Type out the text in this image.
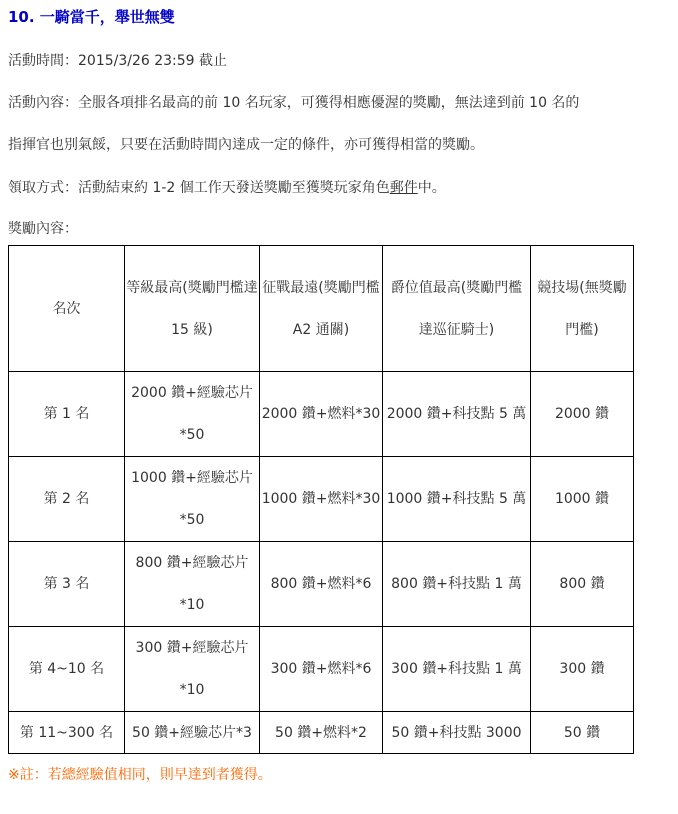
10. 一騎當千，舉世無雙
活動時間：2015/3/26 23:59 截止
活動內容：全服各項排名最高的前 10 名玩家，可獲得相應優渥的獎勵，無法達到前 10 名的
指揮官也別氣餒，只要在活動時間內達成一定的條件，亦可獲得相當的獎勵。
領取方式：活動結束約 1-2 個工作天發送獎勵至獲獎玩家角色郵件中。
獎勵內容：
名次	等級最高(獎勵門檻達 15 級)	征戰最遠(獎勵門檻 A2 通關)	爵位值最高(獎勵門檻達巡征騎士)	競技場(無獎勵門檻)
第 1 名	2000 鑽+經驗芯片*50	2000 鑽+燃料*30	2000 鑽+科技點 5 萬	2000 鑽
第 2 名	1000 鑽+經驗芯片*50	1000 鑽+燃料*30	1000 鑽+科技點 5 萬	1000 鑽
第 3 名	800 鑽+經驗芯片*10	800 鑽+燃料*6	800 鑽+科技點 1 萬	800 鑽
第 4~10 名	300 鑽+經驗芯片*10	300 鑽+燃料*6	300 鑽+科技點 1 萬	300 鑽
第 11~300 名	50 鑽+經驗芯片*3	50 鑽+燃料*2	50 鑽+科技點 3000	50 鑽
※註：若總經驗值相同，則早達到者獲得。
